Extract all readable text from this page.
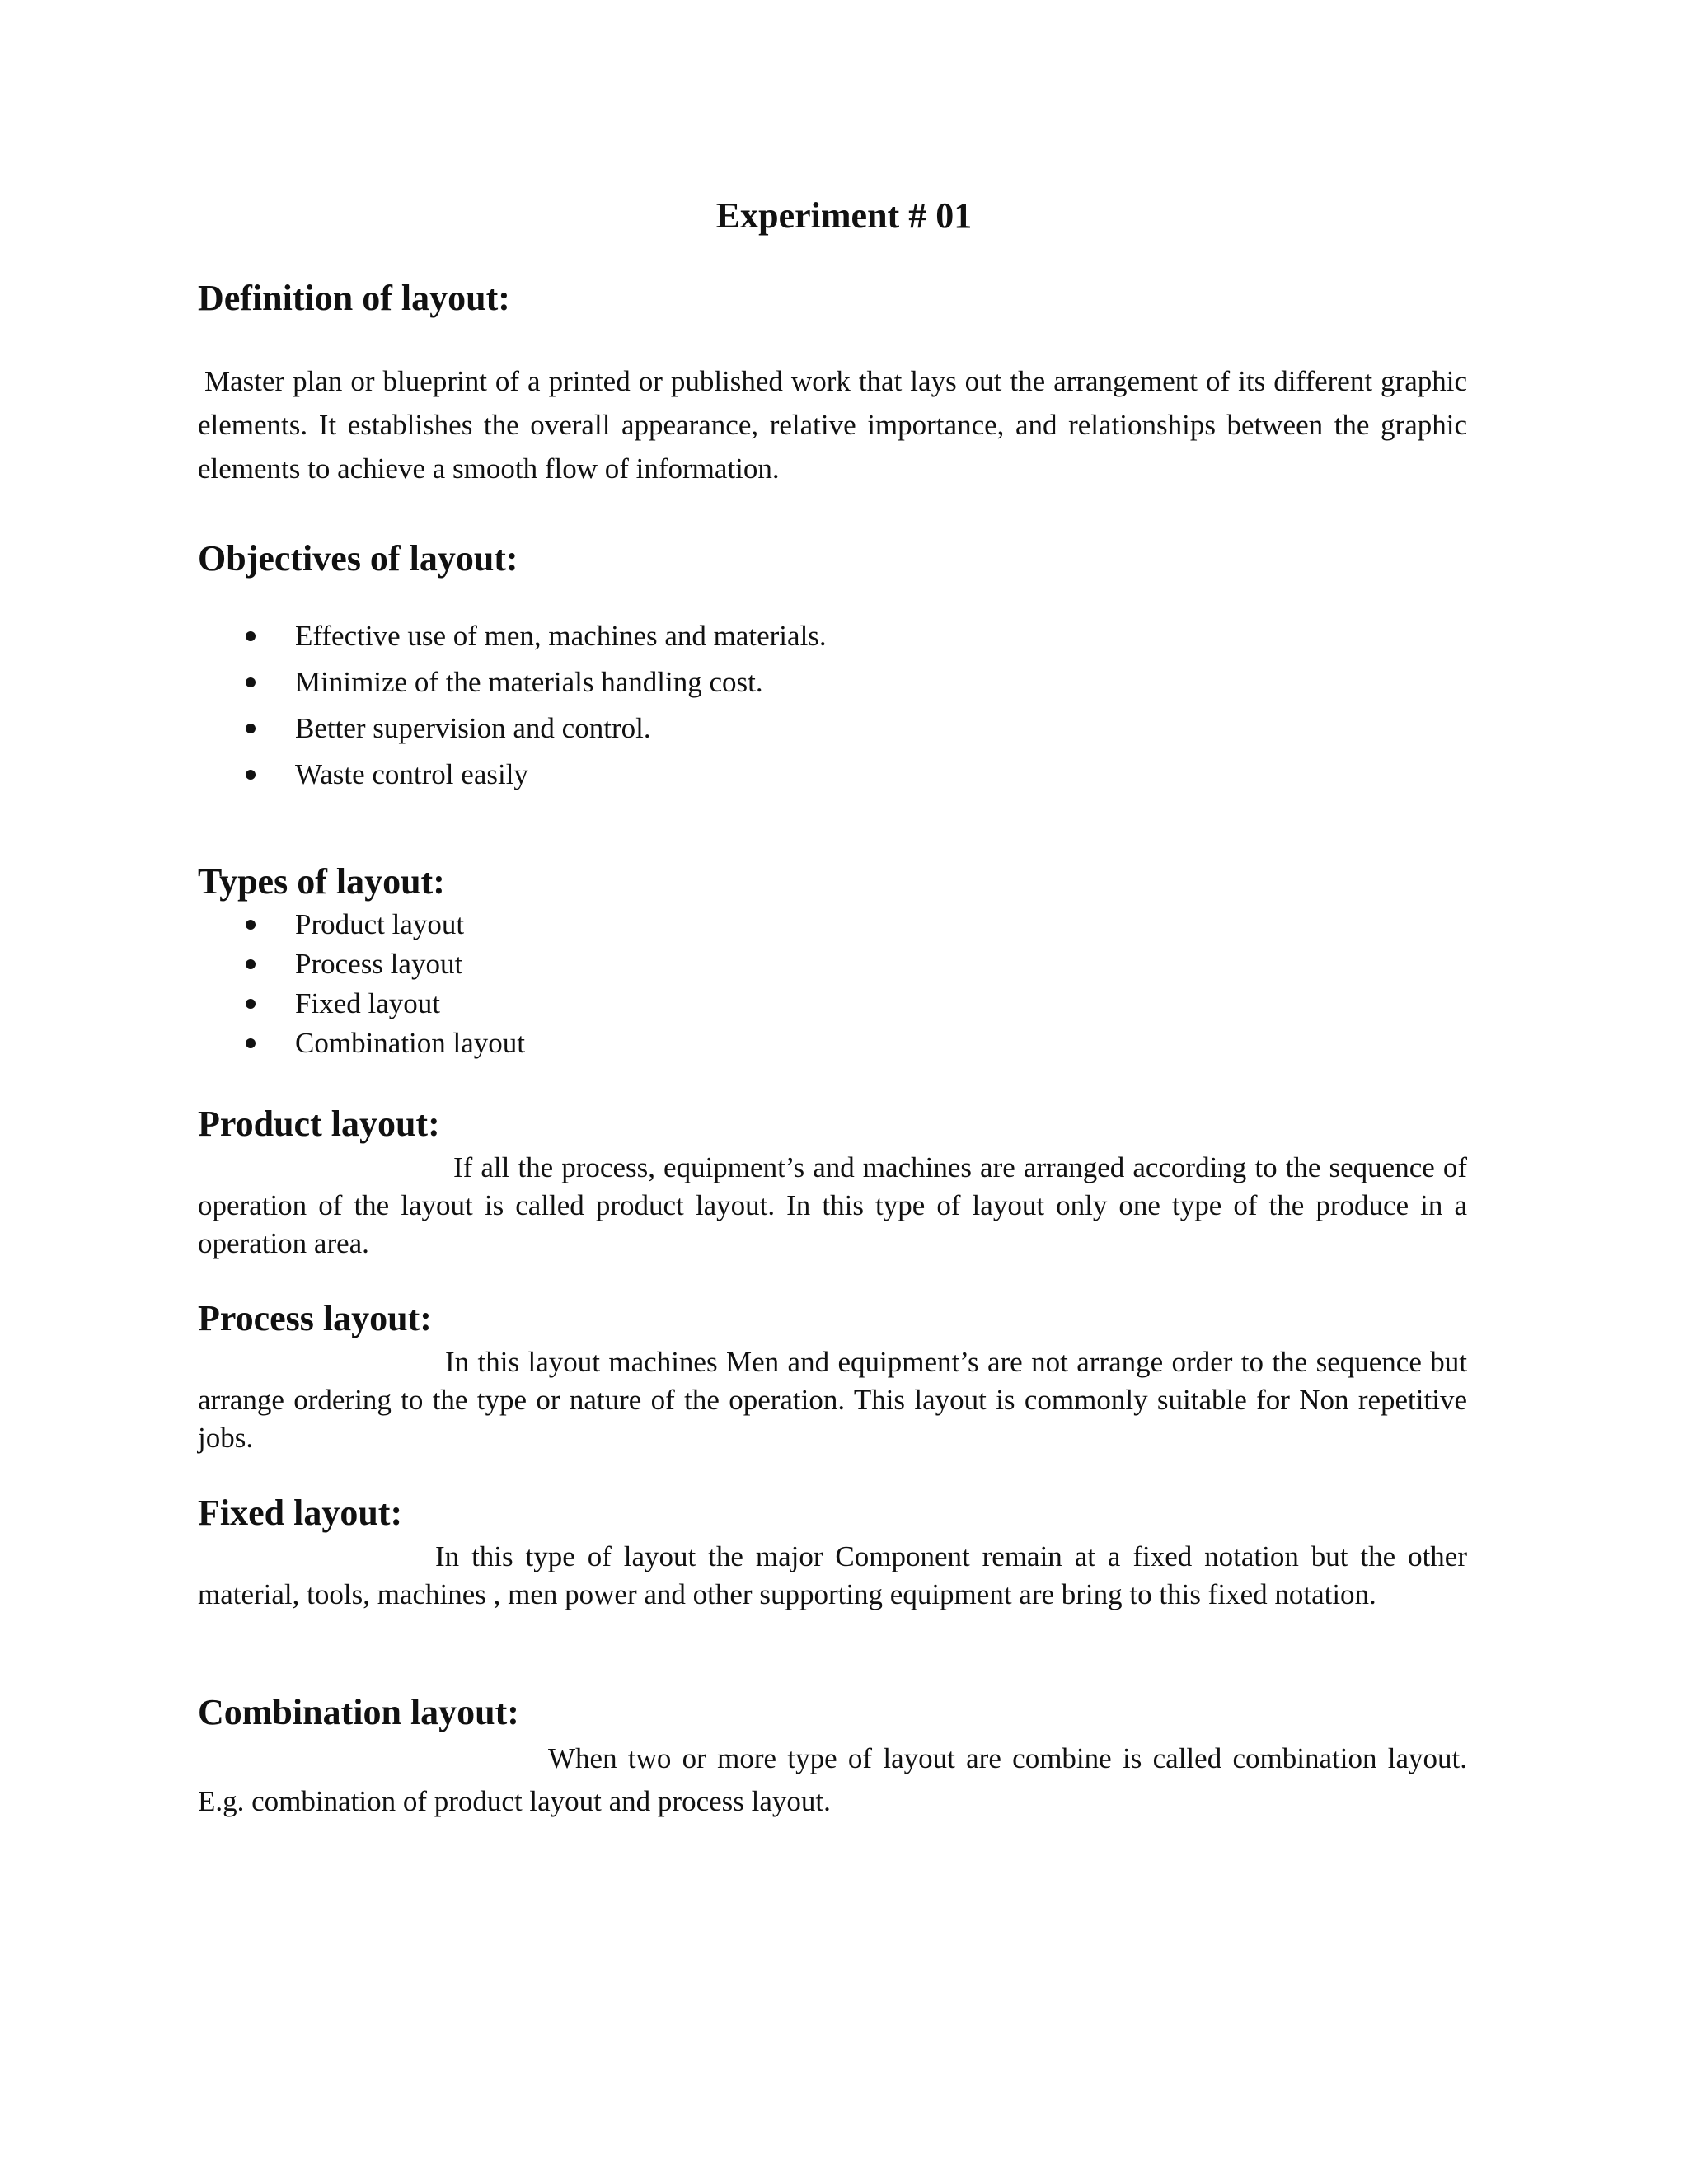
Experiment # 01
Definition of layout:

Master plan or blueprint of a printed or published work that lays out the arrangement of its different graphic elements. It establishes the overall appearance, relative importance, and relationships between the graphic elements to achieve a smooth flow of information.

Objectives of layout:
Effective use of men, machines and materials.
Minimize of the materials handling cost.
Better supervision and control.
Waste control easily
Types of layout:
Product layout
Process layout
Fixed layout
Combination layout
Product layout:

If all the process, equipment’s and machines are arranged according to the sequence of operation of the layout is called product layout. In this type of layout only one type of the produce in a operation area.

Process layout:

In this layout machines Men and equipment’s are not arrange order to the sequence but arrange ordering to the type or nature of the operation. This layout is commonly suitable for Non repetitive jobs.

Fixed layout:

In this type of layout the major Component remain at a fixed notation but the other material, tools, machines , men power and other supporting equipment are bring to this fixed notation.

Combination layout:

When two or more type of layout are combine is called combination layout. E.g. combination of product layout and process layout.
